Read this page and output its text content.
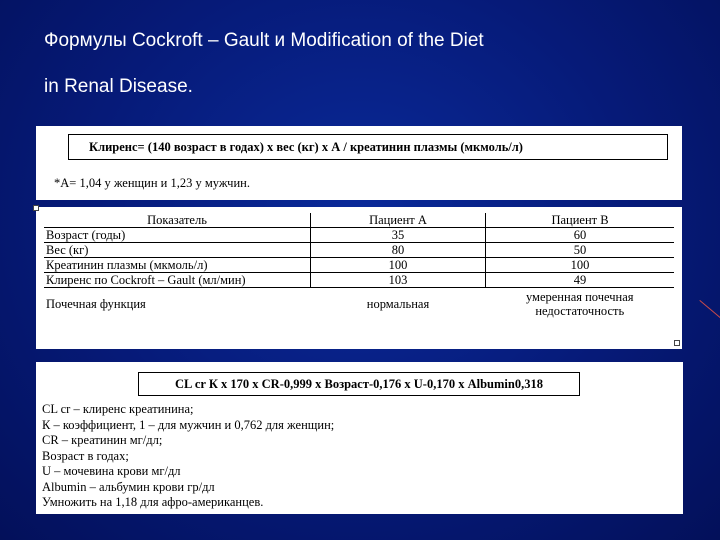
Формулы Cockroft – Gault и Modification of the Diet
in Renal Disease.
Клиренс= (140 возраст в годах) х вес (кг) х А / креатинин плазмы (мкмоль/л)
*А= 1,04 у женщин и 1,23 у мужчин.
Показатель	Пациент А	Пациент В
Возраст (годы)	35	60
Вес (кг)	80	50
Креатинин плазмы (мкмоль/л)	100	100
Клиренс по Cockroft – Gault (мл/мин)	103	49
Почечная функция	нормальная	умеренная почечная
недостаточность
CL cr К х 170 х CR-0,999 х Возраст-0,176 х U-0,170 х Albumin0,318
CL cr – клиренс креатинина;
К – коэффициент, 1 – для мужчин и 0,762 для женщин;
CR – креатинин мг/дл;
Возраст в годах;
U – мочевина крови мг/дл
Albumin – альбумин крови гр/дл
Умножить на 1,18 для афро-американцев.
